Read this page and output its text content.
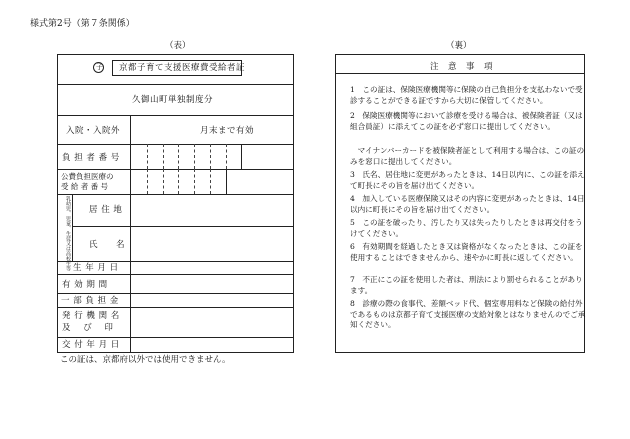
様式第2号（第７条関係）
（表）
子 京都子育て支援医療費受給者証
久御山町単独制度分
入院・入院外	月末まで有効
負 担 者 番 号
公費負担医療の
受 給 者 番 号
乳幼児、児童、生徒又は高校生等 居 住 地
氏　　名
生 年 月 日
有 効 期 間
一 部 負 担 金
発 行 機 関 名
及　 び　 印
交 付 年 月 日
この証は、京都府以外では使用できません。
（裏）
注　意　事　項
1　この証は、保険医療機関等に保険の自己負担分を支払わないで受診することができる証ですから大切に保管してください。
2　保険医療機関等において診療を受ける場合は、被保険者証（又は組合員証）に添えてこの証を必ず窓口に提出してください。
　マイナンバーカードを被保険者証として利用する場合は、この証のみを窓口に提出してください。
3　氏名、居住地に変更があったときは、14日以内に、この証を添えて町長にその旨を届け出てください。
4　加入している医療保険又はその内容に変更があったときは、14日以内に町長にその旨を届け出てください。
5　この証を破ったり、汚したり又は失ったりしたときは再交付をうけてください。
6　有効期間を経過したとき又は資格がなくなったときは、この証を使用することはできませんから、速やかに町長に返してください。
7　不正にこの証を使用した者は、刑法により罰せられることがあります。
8　診療の際の食事代、差額ベッド代、個室専用料など保険の給付外であるものは京都子育て支援医療の支給対象とはなりませんのでご承知ください。
